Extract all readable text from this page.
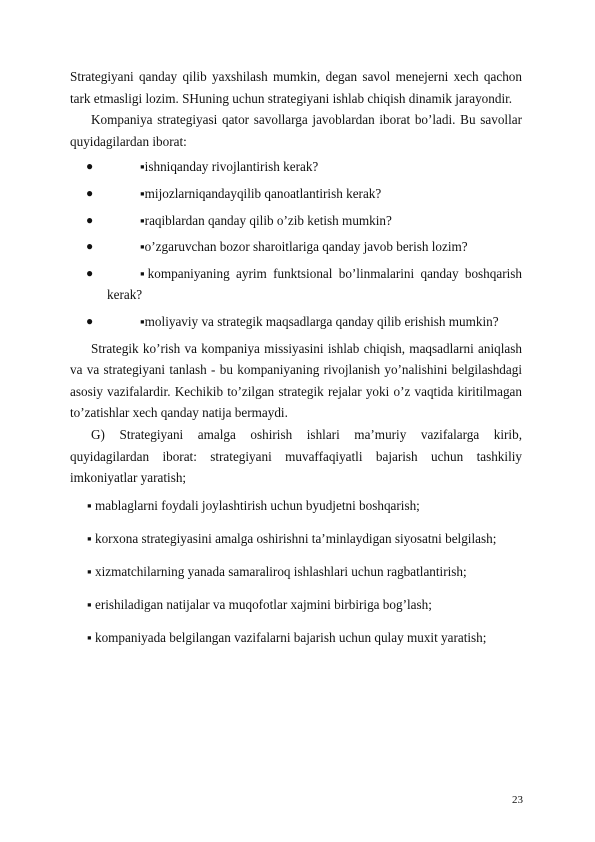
Strategiyani qanday qilib yaxshilash mumkin, degan savol menejerni xech qachon tark etmasligi lozim. SHuning uchun strategiyani ishlab chiqish dinamik jarayondir.

Kompaniya strategiyasi qator savollarga javoblardan iborat bo’ladi. Bu savollar quyidagilardan iborat:

●	▪ishniqanday rivojlantirish kerak?
●	▪mijozlarniqandayqilib qanoatlantirish kerak?
●	▪raqiblardan qanday qilib o’zib ketish mumkin?
●	▪o’zgaruvchan bozor sharoitlariga qanday javob berish lozim?
●	▪kompaniyaning ayrim funktsional bo’linmalarini qanday boshqarish kerak?
●	▪moliyaviy va strategik maqsadlarga qanday qilib erishish mumkin?

Strategik ko’rish va kompaniya missiyasini ishlab chiqish, maqsadlarni aniqlash va va strategiyani tanlash - bu kompaniyaning rivojlanish yo’nalishini belgilashdagi asosiy vazifalardir. Kechikib to’zilgan strategik rejalar yoki o’z vaqtida kiritilmagan to’zatishlar xech qanday natija bermaydi.

G) Strategiyani amalga oshirish ishlari ma’muriy vazifalarga kirib, quyidagilardan iborat: strategiyani muvaffaqiyatli bajarish uchun tashkiliy imkoniyatlar yaratish;

▪ mablaglarni foydali joylashtirish uchun byudjetni boshqarish;
▪ korxona strategiyasini amalga oshirishni ta’minlaydigan siyosatni belgilash;
▪ xizmatchilarning yanada samaraliroq ishlashlari uchun ragbatlantirish;
▪ erishiladigan natijalar va muqofotlar xajmini birbiriga bog’lash;
▪ kompaniyada belgilangan vazifalarni bajarish uchun qulay muxit yaratish;
23
